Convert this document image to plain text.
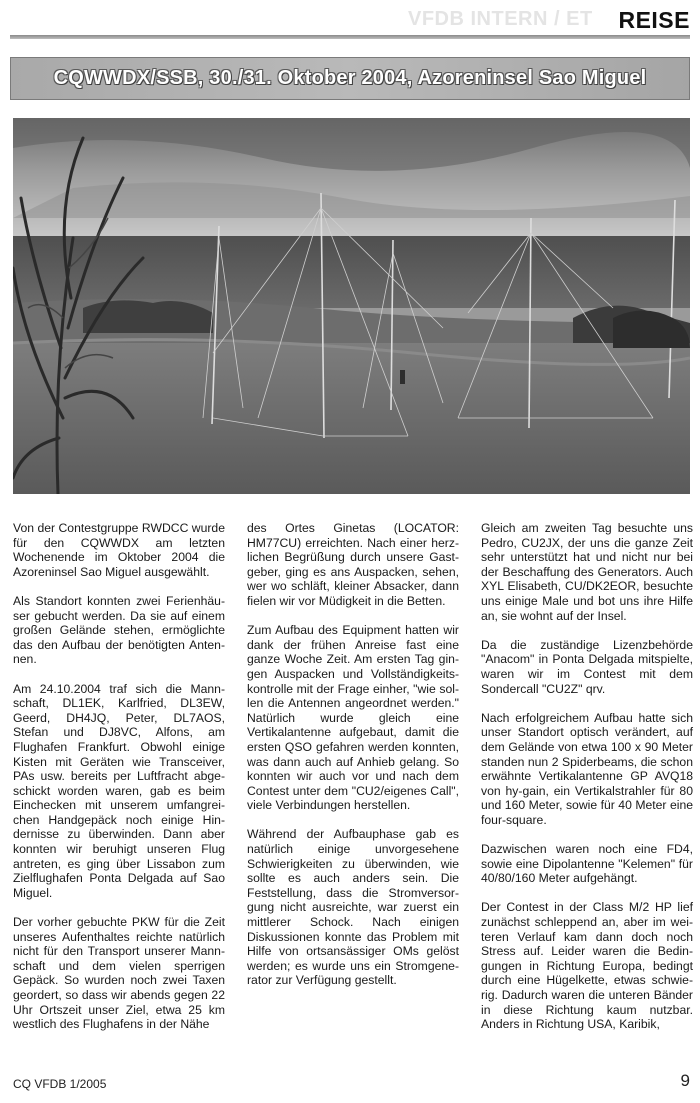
VFDB INTERN / ET	REISE
CQWWDX/SSB, 30./31. Oktober 2004, Azoreninsel Sao Miguel

Von der Contestgruppe RWDCC wurde für den CQWWDX am letzten Wochenende im Oktober 2004 die Azoreninsel Sao Miguel ausgewählt.

Als Standort konnten zwei Ferienhäuser gebucht werden. Da sie auf einem großen Gelände stehen, ermöglichte das den Aufbau der benötigten Antennen.

Am 24.10.2004 traf sich die Mannschaft, DL1EK, Karlfried, DL3EW, Geerd, DH4JQ, Peter, DL7AOS, Stefan und DJ8VC, Alfons, am Flughafen Frankfurt. Obwohl einige Kisten mit Geräten wie Transceiver, PAs usw. bereits per Luftfracht abgeschickt worden waren, gab es beim Einchecken mit unserem umfangreichen Handgepäck noch einige Hindernisse zu überwinden. Dann aber konnten wir beruhigt unseren Flug antreten, es ging über Lissabon zum Zielflughafen Ponta Delgada auf Sao Miguel.

Der vorher gebuchte PKW für die Zeit unseres Aufenthaltes reichte natürlich nicht für den Transport unserer Mannschaft und dem vielen sperrigen Gepäck. So wurden noch zwei Taxen geordert, so dass wir abends gegen 22 Uhr Ortszeit unser Ziel, etwa 25 km westlich des Flughafens in der Nähe

des Ortes Ginetas (LOCATOR: HM77CU) erreichten. Nach einer herzlichen Begrüßung durch unsere Gastgeber, ging es ans Auspacken, sehen, wer wo schläft, kleiner Absacker, dann fielen wir vor Müdigkeit in die Betten.

Zum Aufbau des Equipment hatten wir dank der frühen Anreise fast eine ganze Woche Zeit. Am ersten Tag gingen Auspacken und Vollständigkeitskontrolle mit der Frage einher, "wie sollen die Antennen angeordnet werden." Natürlich wurde gleich eine Vertikalantenne aufgebaut, damit die ersten QSO gefahren werden konnten, was dann auch auf Anhieb gelang. So konnten wir auch vor und nach dem Contest unter dem "CU2/eigenes Call", viele Verbindungen herstellen.

Während der Aufbauphase gab es natürlich einige unvorgesehene Schwierigkeiten zu überwinden, wie sollte es auch anders sein. Die Feststellung, dass die Stromversorgung nicht ausreichte, war zuerst ein mittlerer Schock. Nach einigen Diskussionen konnte das Problem mit Hilfe von ortsansässiger OMs gelöst werden; es wurde uns ein Stromgenerator zur Verfügung gestellt.

Gleich am zweiten Tag besuchte uns Pedro, CU2JX, der uns die ganze Zeit sehr unterstützt hat und nicht nur bei der Beschaffung des Generators. Auch XYL Elisabeth, CU/DK2EOR, besuchte uns einige Male und bot uns ihre Hilfe an, sie wohnt auf der Insel.

Da die zuständige Lizenzbehörde "Anacom" in Ponta Delgada mitspielte, waren wir im Contest mit dem Sondercall "CU2Z" qrv.

Nach erfolgreichem Aufbau hatte sich unser Standort optisch verändert, auf dem Gelände von etwa 100 x 90 Meter standen nun 2 Spiderbeams, die schon erwähnte Vertikalantenne GP AVQ18 von hy-gain, ein Vertikalstrahler für 80 und 160 Meter, sowie für 40 Meter eine four-square.

Dazwischen waren noch eine FD4, sowie eine Dipolantenne "Kelemen" für 40/80/160 Meter aufgehängt.

Der Contest in der Class M/2 HP lief zunächst schleppend an, aber im weiteren Verlauf kam dann doch noch Stress auf. Leider waren die Bedingungen in Richtung Europa, bedingt durch eine Hügelkette, etwas schwierig. Dadurch waren die unteren Bänder in diese Richtung kaum nutzbar. Anders in Richtung USA, Karibik,

CQ VFDB 1/2005	9
